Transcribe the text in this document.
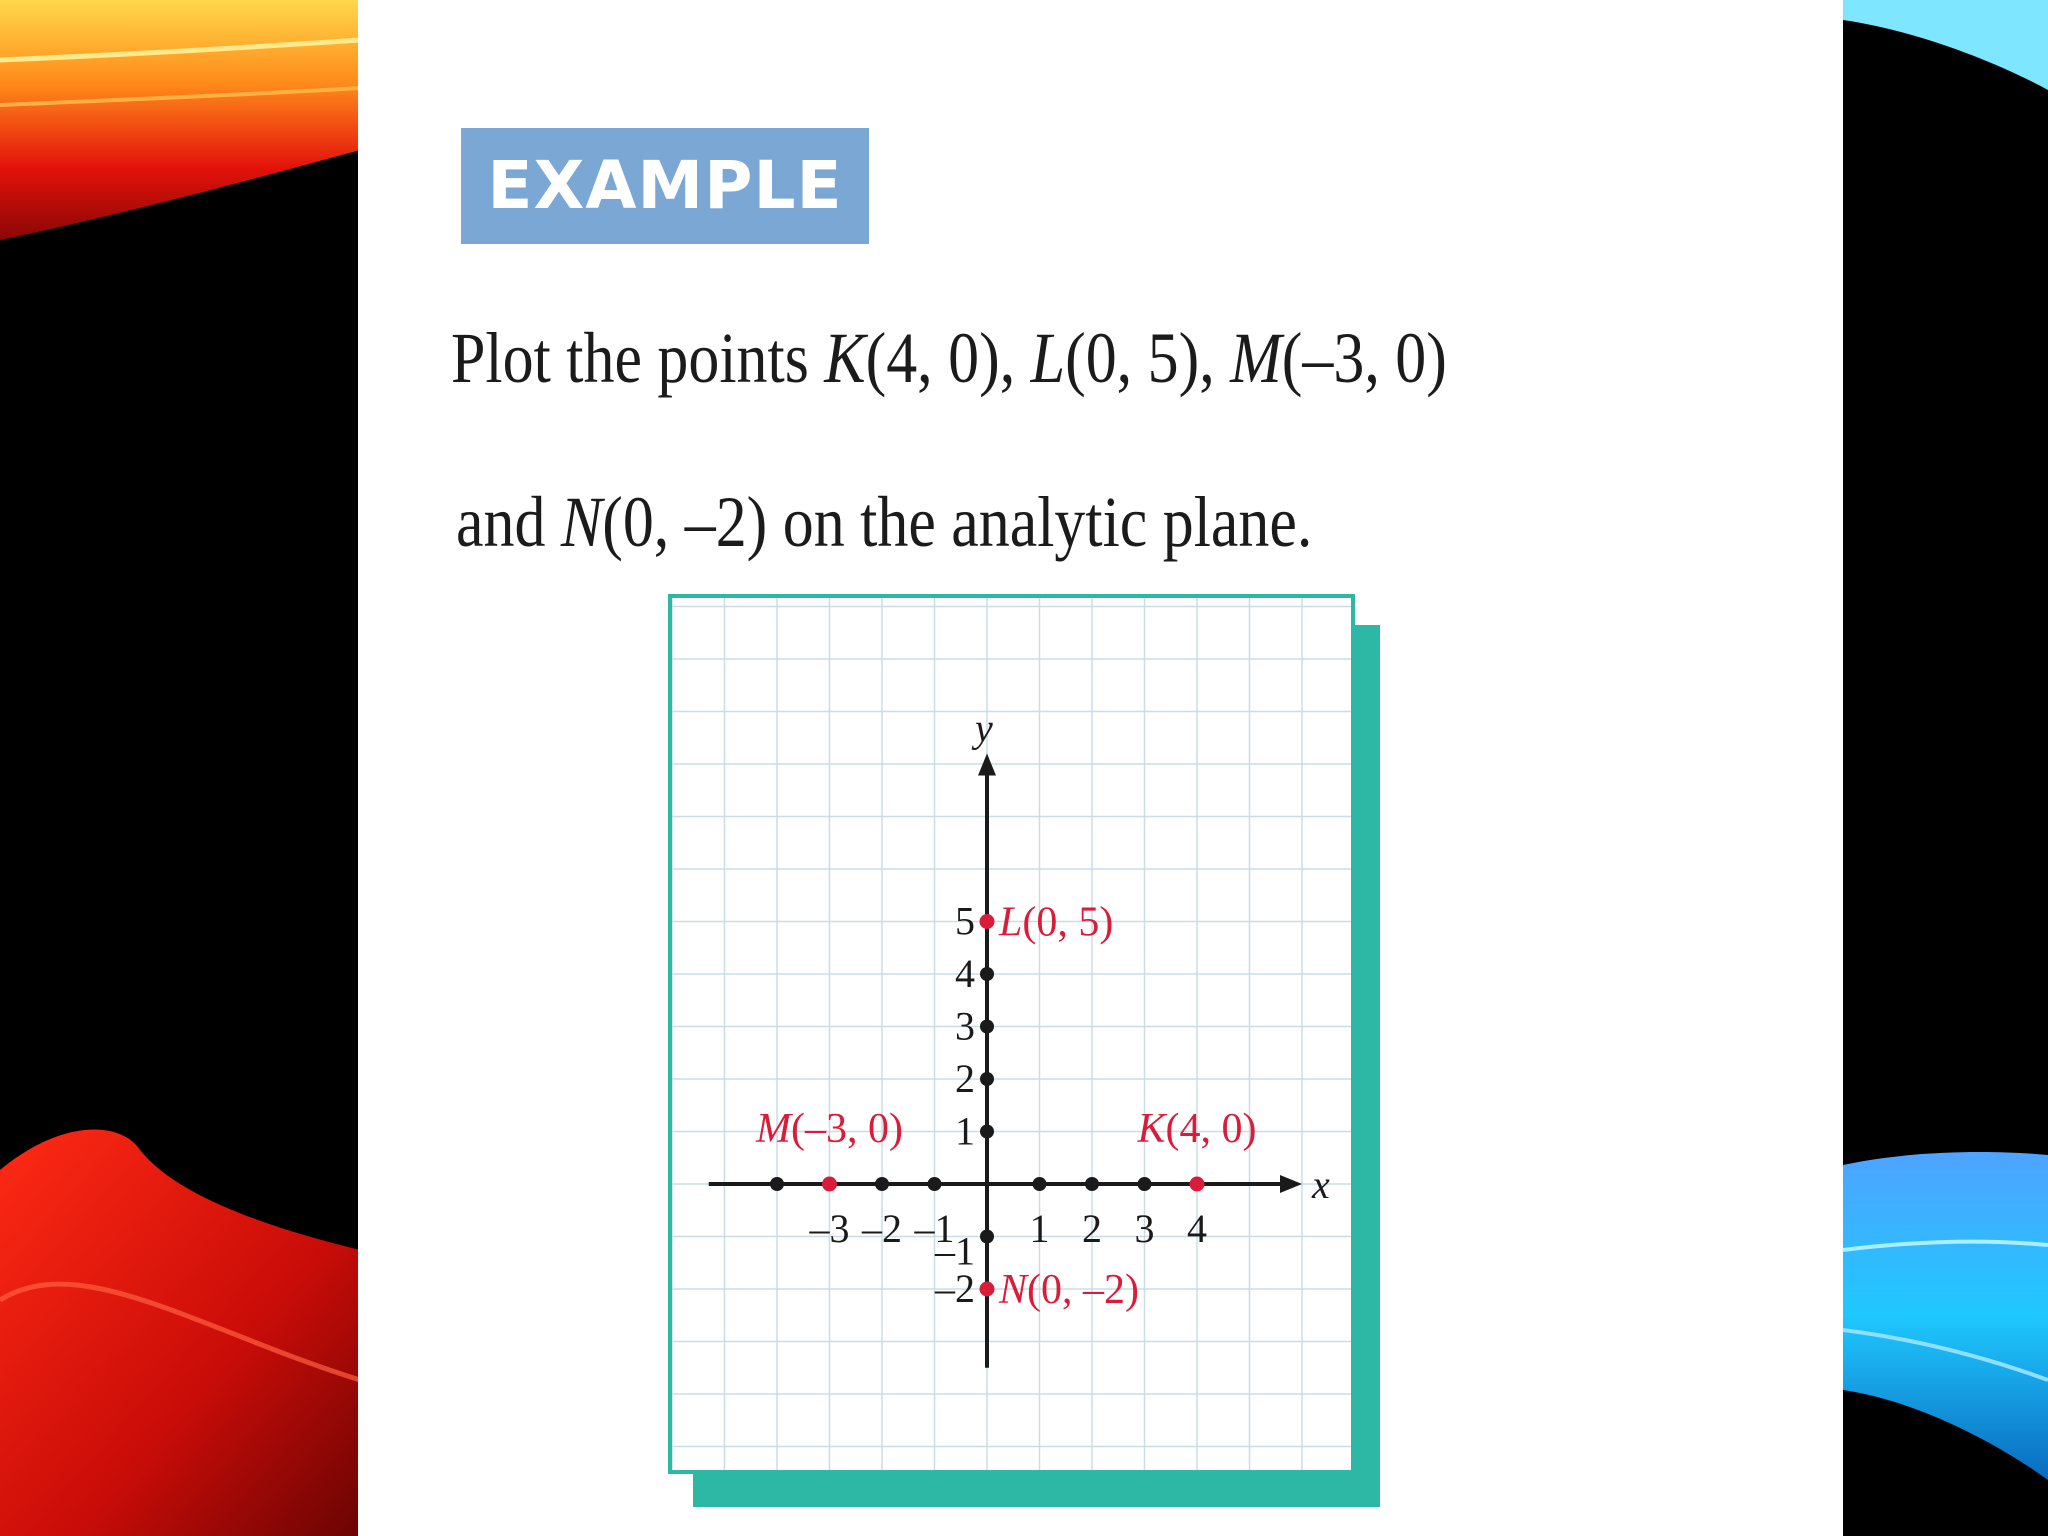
EXAMPLE
Plot the points K(4, 0), L(0, 5), M(–3, 0)
and N(0, –2) on the analytic plane.
x
y
–3 –2 –1 1 2 3 4
5
4
3
2
1
–1
–2
K(4, 0)
L(0, 5)
M(–3, 0)
N(0, –2)
